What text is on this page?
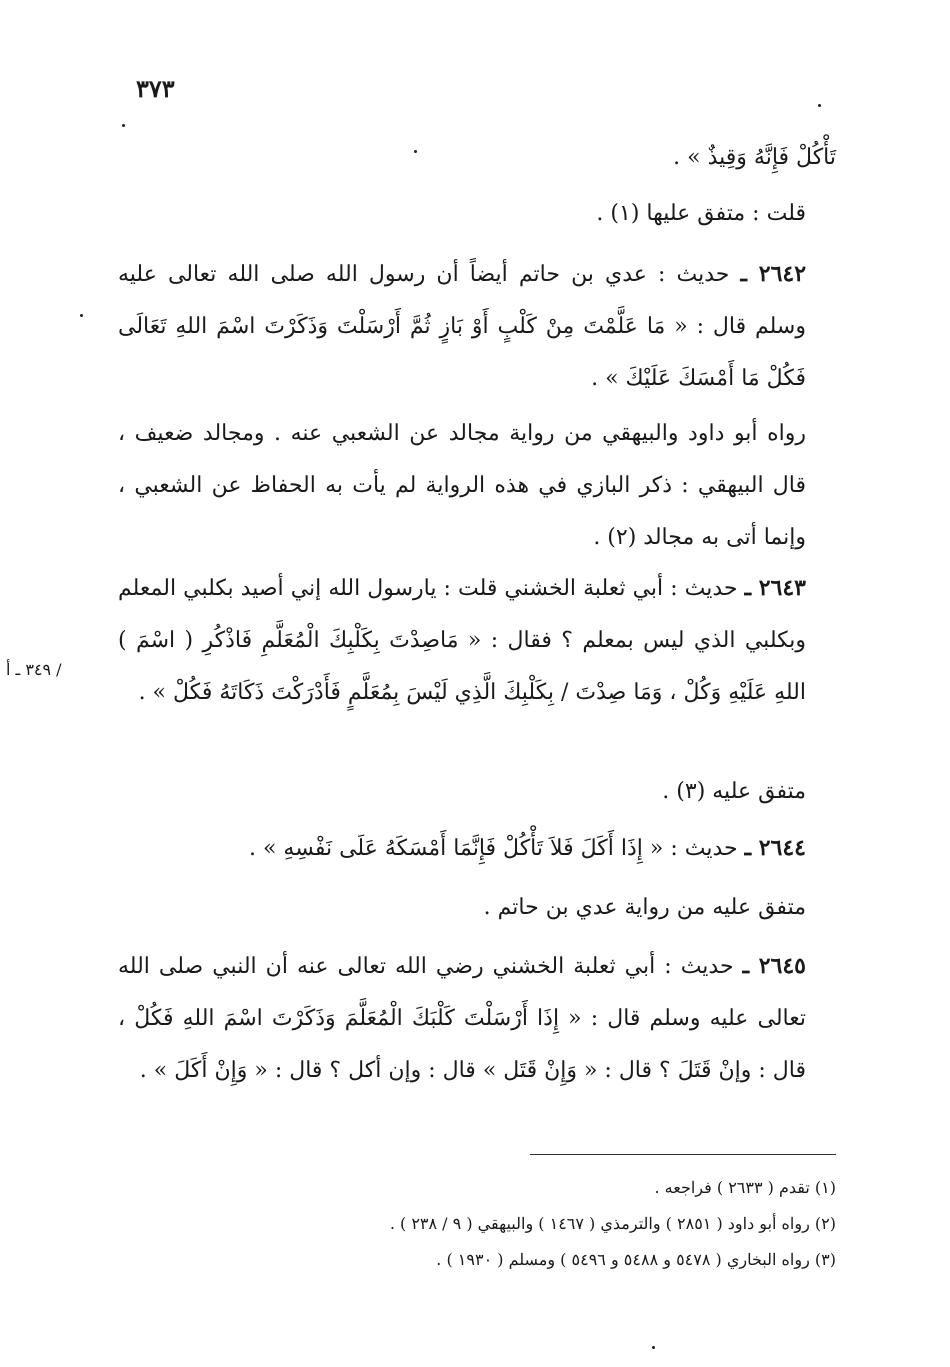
٣٧٣

تَأْكُلْ فَإِنَّهُ وَقِيذٌ » .

قلت : متفق عليها (١) .

٢٦٤٢ ـ حديث : عدي بن حاتم أيضاً أن رسول الله صلى الله تعالى عليه وسلم قال : « مَا عَلَّمْتَ مِنْ كَلْبٍ أَوْ بَازٍ ثُمَّ أَرْسَلْتَ وَذَكَرْتَ اسْمَ اللهِ تَعَالَى فَكُلْ مَا أَمْسَكَ عَلَيْكَ » .

رواه أبو داود والبيهقي من رواية مجالد عن الشعبي عنه . ومجالد ضعيف ، قال البيهقي : ذكر البازي في هذه الرواية لم يأت به الحفاظ عن الشعبي ، وإنما أتى به مجالد (٢) .

٢٦٤٣ ـ حديث : أبي ثعلبة الخشني قلت : يارسول الله إني أصيد بكلبي المعلم وبكلبي الذي ليس بمعلم ؟ فقال : « مَاصِدْتَ بِكَلْبِكَ الْمُعَلَّمِ فَاذْكُرِ ( اسْمَ ) اللهِ عَلَيْهِ وَكُلْ ، وَمَا صِدْتَ / بِكَلْبِكَ الَّذِي لَيْسَ بِمُعَلَّمٍ فَأَدْرَكْتَ ذَكَاتَهُ فَكُلْ » .

متفق عليه (٣) .

٢٦٤٤ ـ حديث : « إِذَا أَكَلَ فَلاَ تَأْكُلْ فَإِنَّمَا أَمْسَكَهُ عَلَى نَفْسِهِ » .

متفق عليه من رواية عدي بن حاتم .

٢٦٤٥ ـ حديث : أبي ثعلبة الخشني رضي الله تعالى عنه أن النبي صلى الله تعالى عليه وسلم قال : « إِذَا أَرْسَلْتَ كَلْبَكَ الْمُعَلَّمَ وَذَكَرْتَ اسْمَ اللهِ فَكُلْ ، قال : وإنْ قَتَلَ ؟ قال : « وَإِنْ قَتَل » قال : وإن أكل ؟ قال : « وَإِنْ أَكَلَ » .

/ ٣٤٩ ـ أ

(١) تقدم ( ٢٦٣٣ ) فراجعه .

(٢) رواه أبو داود ( ٢٨٥١ ) والترمذي ( ١٤٦٧ ) والبيهقي ( ٩ / ٢٣٨ ) .

(٣) رواه البخاري ( ٥٤٧٨ و ٥٤٨٨ و ٥٤٩٦ ) ومسلم ( ١٩٣٠ ) .
